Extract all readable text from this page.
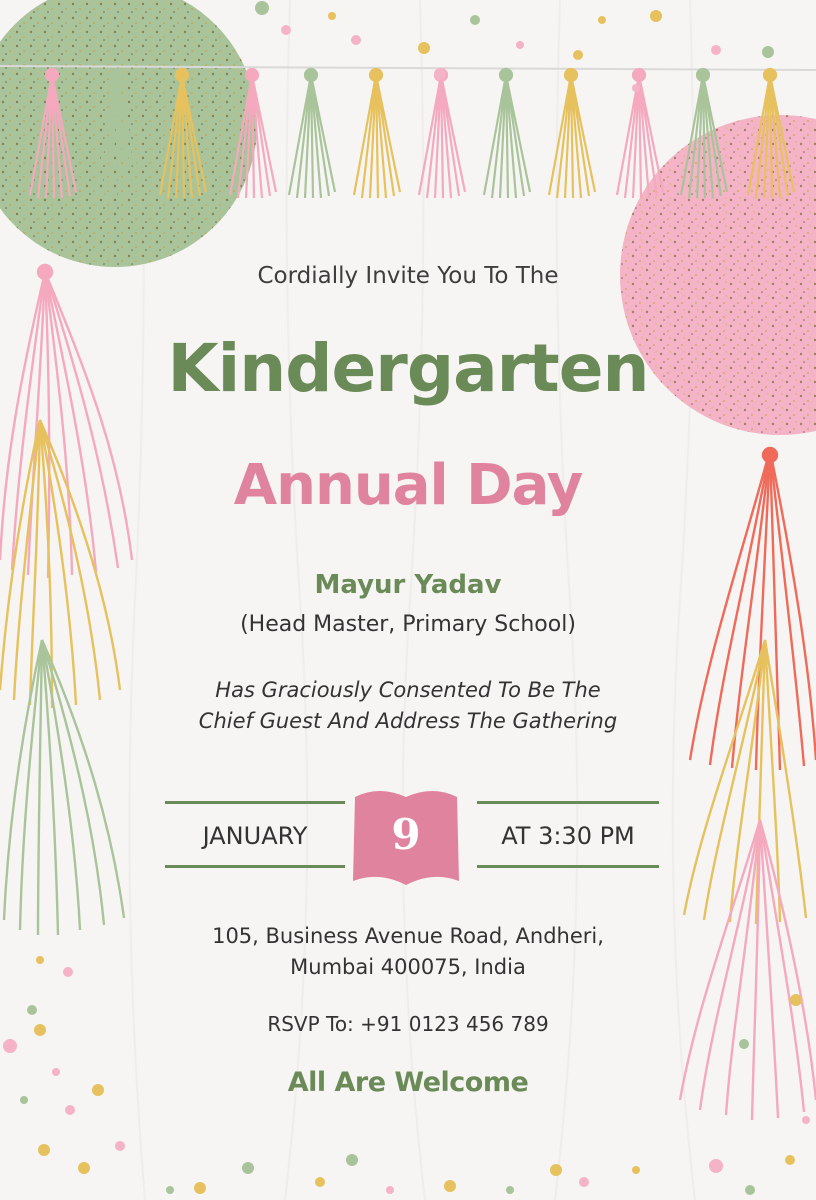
Cordially Invite You To The

Kindergarten
Annual Day

Mayur Yadav

(Head Master, Primary School)

Has Graciously Consented To Be The

Chief Guest And Address The Gathering

JANUARY	9	AT 3:30 PM

105, Business Avenue Road, Andheri,

Mumbai 400075, India

RSVP To: +91 0123 456 789

All Are Welcome
